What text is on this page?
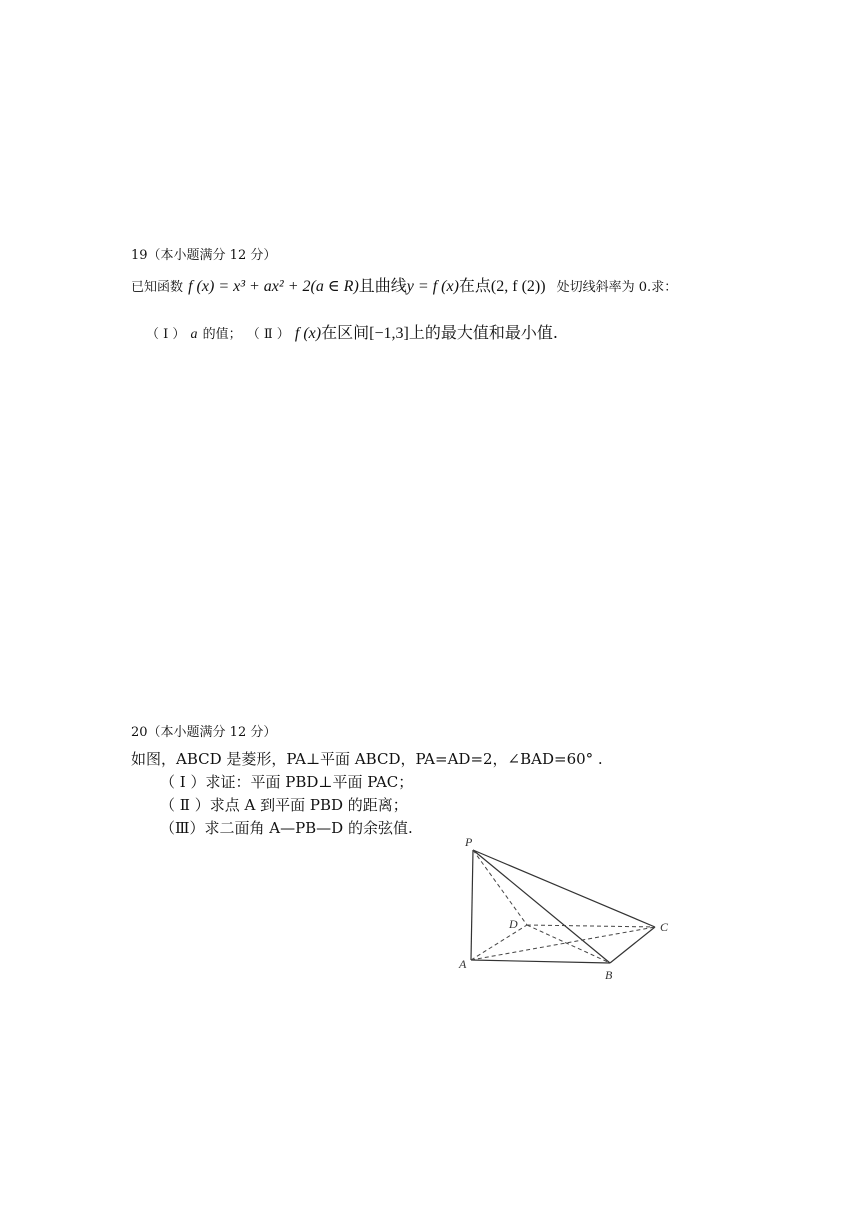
19（本小题满分 12 分）
已知函数 f (x) = x³ + ax² + 2(a ∈ R)且曲线y = f (x)在点(2, f (2)) 处切线斜率为 0.求：
（ Ⅰ ） a 的值； （ Ⅱ ） f (x)在区间[−1,3]上的最大值和最小值.
20（本小题满分 12 分）
如图，ABCD 是菱形，PA⊥平面 ABCD，PA=AD=2，∠BAD=60° .
（ Ⅰ ）求证：平面 PBD⊥平面 PAC；
（ Ⅱ ）求点 A 到平面 PBD 的距离；
（Ⅲ）求二面角 A—PB—D 的余弦值.
P
A
B
C
D
